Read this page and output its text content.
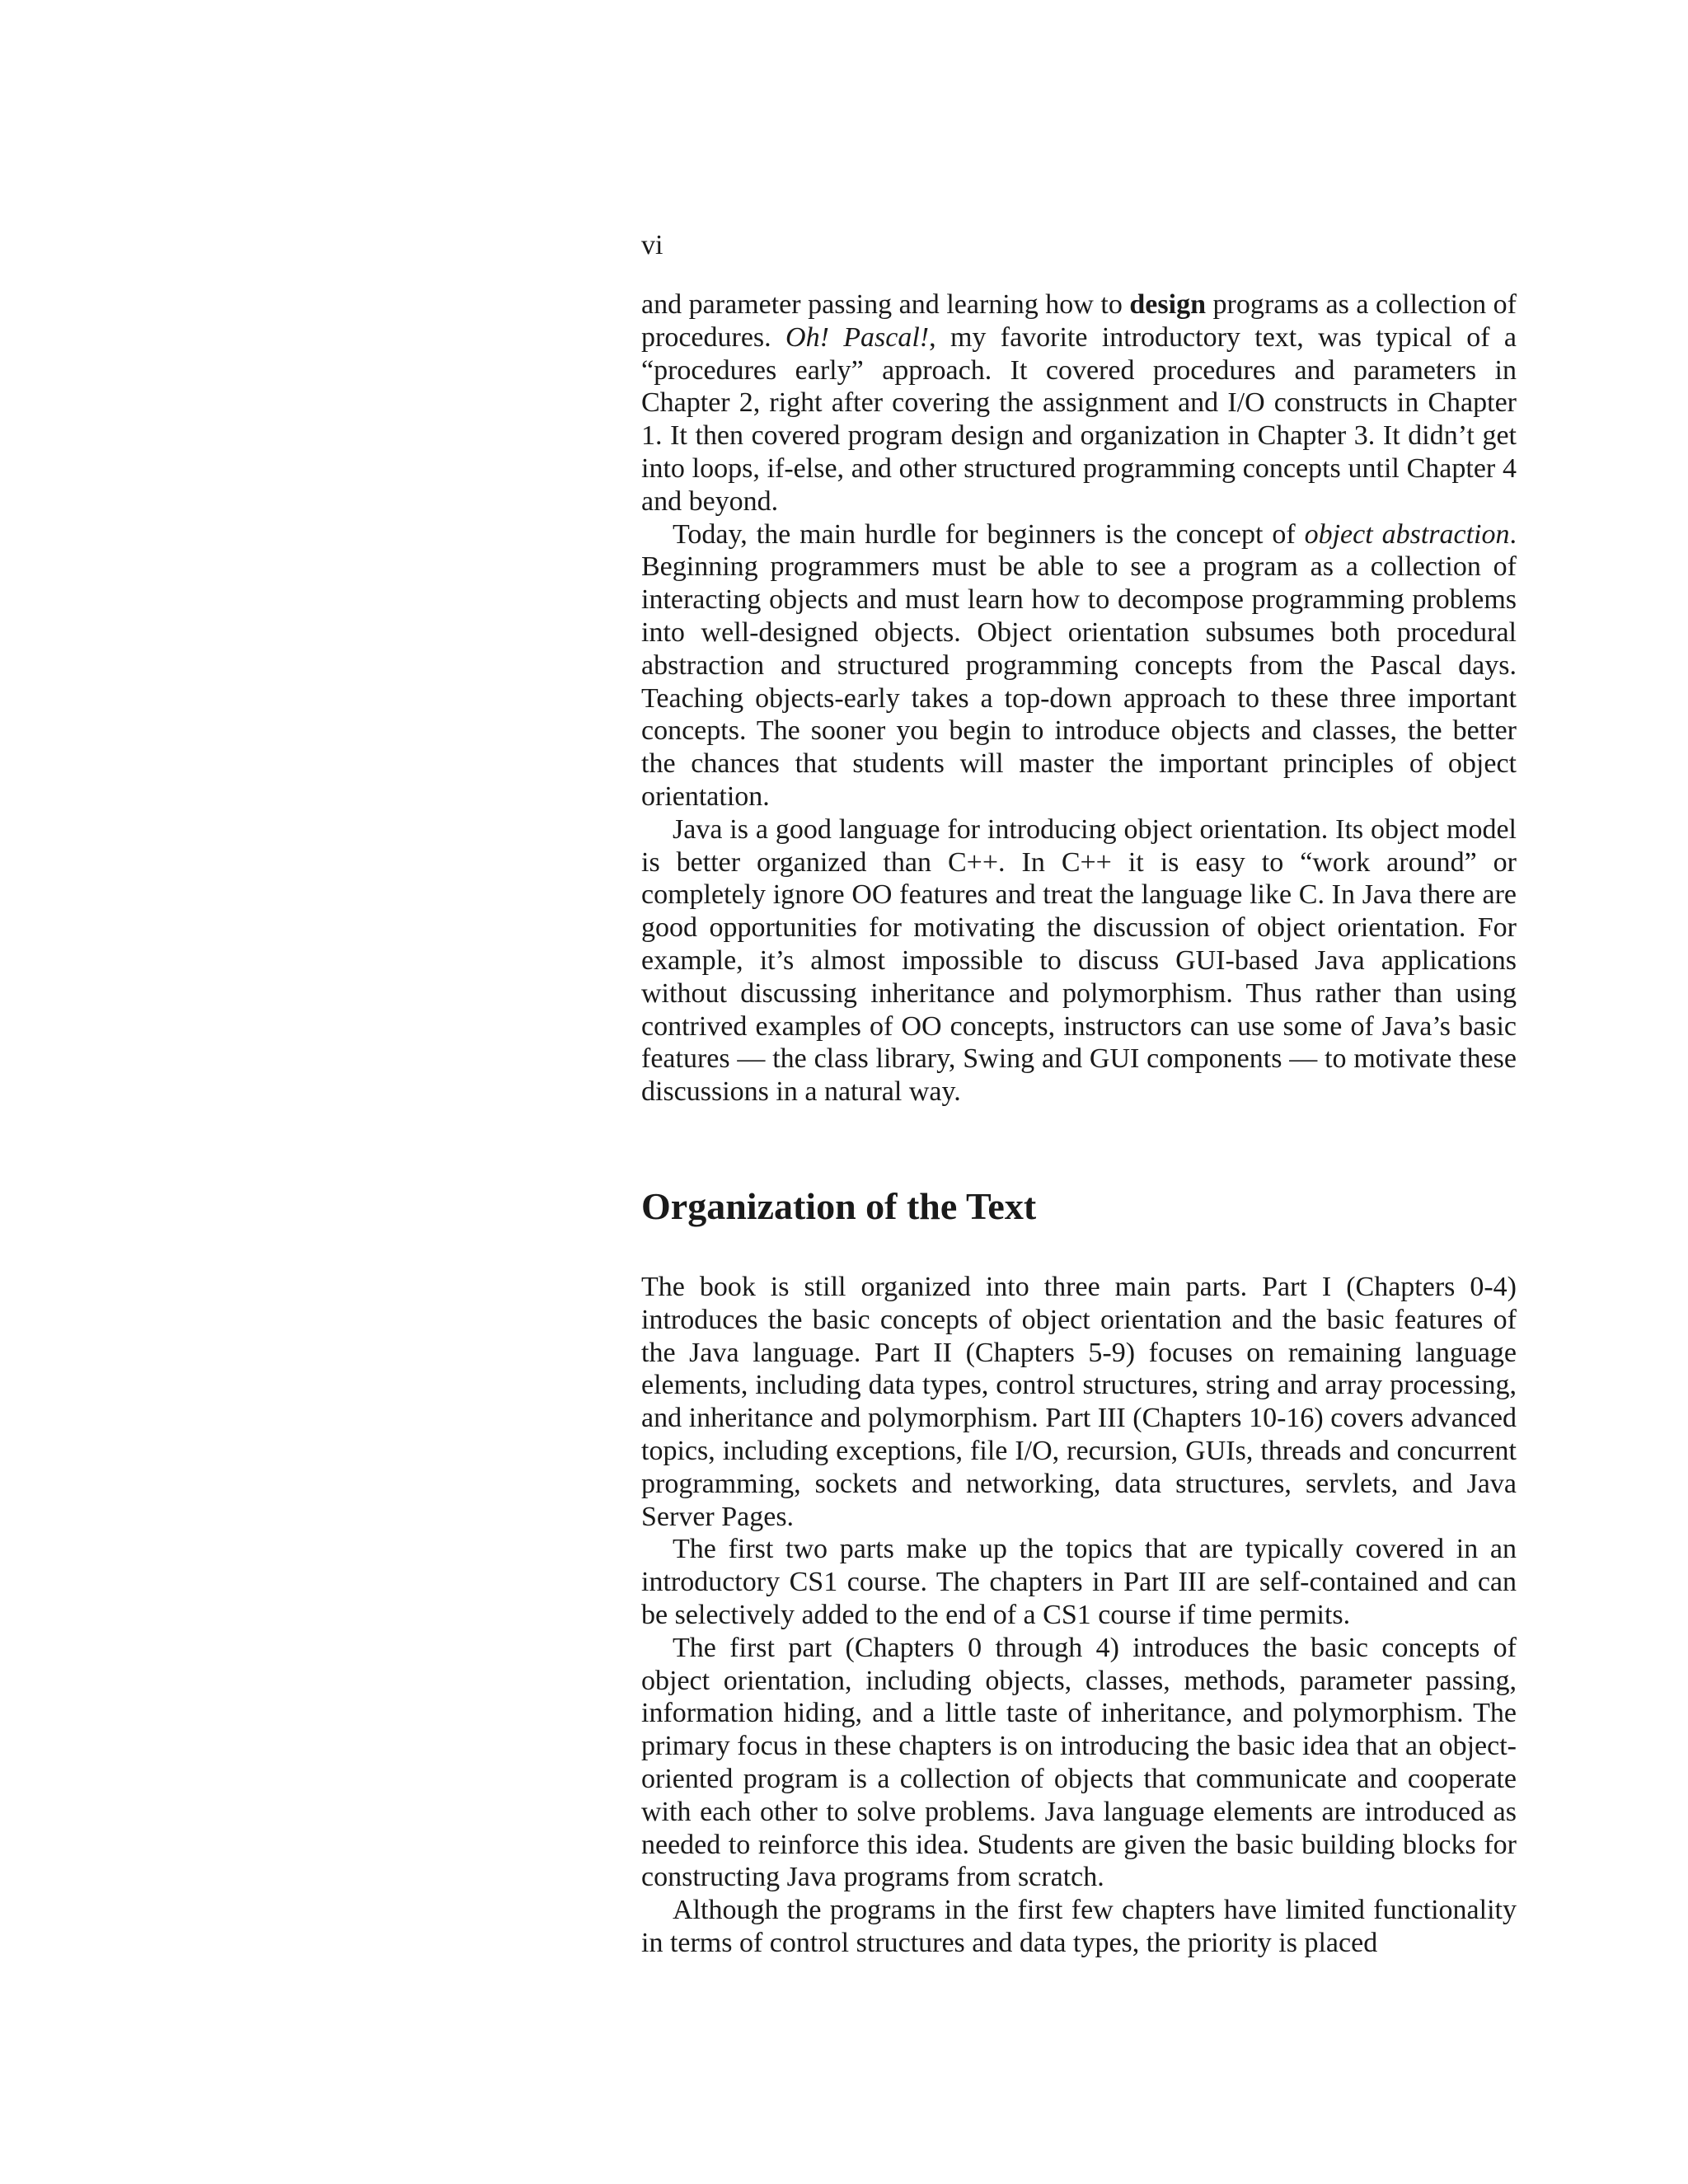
vi

and parameter passing and learning how to design programs as a collection of procedures. Oh! Pascal!, my favorite introductory text, was typical of a “procedures early” approach. It covered procedures and parameters in Chapter 2, right after covering the assignment and I/O constructs in Chapter 1. It then covered program design and organization in Chapter 3. It didn’t get into loops, if-else, and other structured programming concepts until Chapter 4 and beyond.

Today, the main hurdle for beginners is the concept of object abstraction. Beginning programmers must be able to see a program as a collection of interacting objects and must learn how to decompose programming problems into well-designed objects. Object orientation subsumes both procedural abstraction and structured programming concepts from the Pascal days. Teaching objects-early takes a top-down approach to these three important concepts. The sooner you begin to introduce objects and classes, the better the chances that students will master the important principles of object orientation.

Java is a good language for introducing object orientation. Its object model is better organized than C++. In C++ it is easy to “work around” or completely ignore OO features and treat the language like C. In Java there are good opportunities for motivating the discussion of object orientation. For example, it’s almost impossible to discuss GUI-based Java applications without discussing inheritance and polymorphism. Thus rather than using contrived examples of OO concepts, instructors can use some of Java’s basic features — the class library, Swing and GUI components — to motivate these discussions in a natural way.

Organization of the Text

The book is still organized into three main parts. Part I (Chapters 0-4) introduces the basic concepts of object orientation and the basic features of the Java language. Part II (Chapters 5-9) focuses on remaining language elements, including data types, control structures, string and array processing, and inheritance and polymorphism. Part III (Chapters 10-16) covers advanced topics, including exceptions, file I/O, recursion, GUIs, threads and concurrent programming, sockets and networking, data structures, servlets, and Java Server Pages.

The first two parts make up the topics that are typically covered in an introductory CS1 course. The chapters in Part III are self-contained and can be selectively added to the end of a CS1 course if time permits.

The first part (Chapters 0 through 4) introduces the basic concepts of object orientation, including objects, classes, methods, parameter passing, information hiding, and a little taste of inheritance, and polymorphism. The primary focus in these chapters is on introducing the basic idea that an object-oriented program is a collection of objects that communicate and cooperate with each other to solve problems. Java language elements are introduced as needed to reinforce this idea. Students are given the basic building blocks for constructing Java programs from scratch.

Although the programs in the first few chapters have limited functionality in terms of control structures and data types, the priority is placed
